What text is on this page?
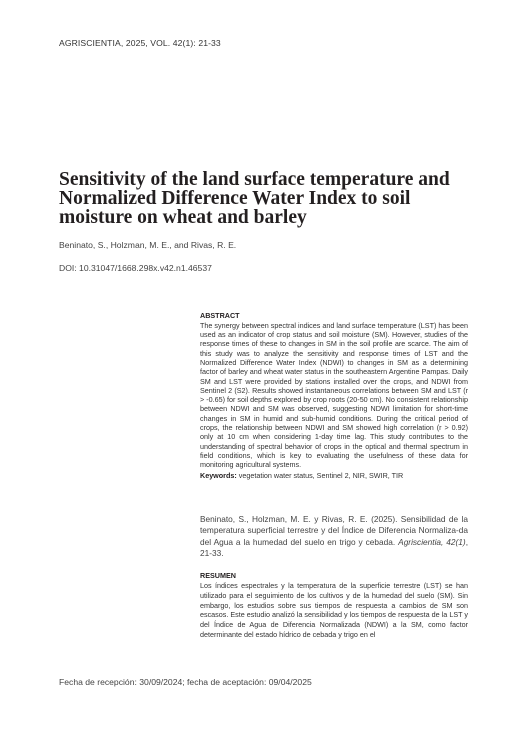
AGRISCIENTIA, 2025, VOL. 42(1): 21-33
Sensitivity of the land surface temperature and Normalized Difference Water Index to soil moisture on wheat and barley
Beninato, S., Holzman, M. E., and Rivas, R. E.
DOI: 10.31047/1668.298x.v42.n1.46537
ABSTRACT
The synergy between spectral indices and land surface temperature (LST) has been used as an indicator of crop status and soil moisture (SM). However, studies of the response times of these to changes in SM in the soil profile are scarce. The aim of this study was to analyze the sensitivity and response times of LST and the Normalized Difference Water Index (NDWI) to changes in SM as a determining factor of barley and wheat water status in the southeastern Argentine Pampas. Daily SM and LST were provided by stations installed over the crops, and NDWI from Sentinel 2 (S2). Results showed instantaneous correlations between SM and LST (r > -0.65) for soil depths explored by crop roots (20-50 cm). No consistent relationship between NDWI and SM was observed, suggesting NDWI limitation for short-time changes in SM in humid and sub-humid conditions. During the critical period of crops, the relationship between NDWI and SM showed high correlation (r > 0.92) only at 10 cm when considering 1-day time lag. This study contributes to the understanding of spectral behavior of crops in the optical and thermal spectrum in field conditions, which is key to evaluating the usefulness of these data for monitoring agricultural systems.
Keywords: vegetation water status, Sentinel 2, NIR, SWIR, TIR
Beninato, S., Holzman, M. E. y Rivas, R. E. (2025). Sensibilidad de la temperatura superficial terrestre y del Índice de Diferencia Normaliza-da del Agua a la humedad del suelo en trigo y cebada. Agriscientia, 42(1), 21-33.
RESUMEN
Los índices espectrales y la temperatura de la superficie terrestre (LST) se han utilizado para el seguimiento de los cultivos y de la humedad del suelo (SM). Sin embargo, los estudios sobre sus tiempos de respuesta a cambios de SM son escasos. Este estudio analizó la sensibilidad y los tiempos de respuesta de la LST y del Índice de Agua de Diferencia Normalizada (NDWI) a la SM, como factor determinante del estado hídrico de cebada y trigo en el
Fecha de recepción: 30/09/2024; fecha de aceptación: 09/04/2025
